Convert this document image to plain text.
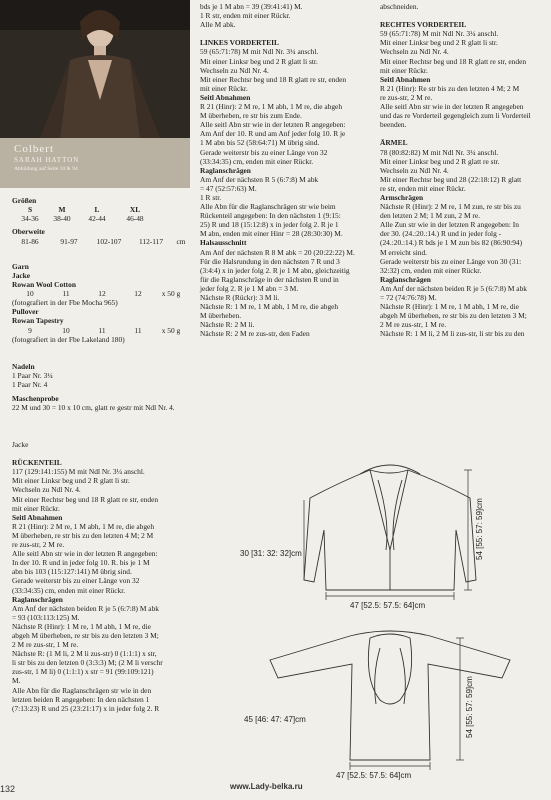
Colbert
SARAH HATTON
Abbildung auf Seite 10 & 94
Größen
S	M	L	XL
34-36	38-40	42-44	46-48
Oberweite
81-86	91-97	102-107	112-117	cm

Garn

Jacke

Rowan Wool Cotton

10	11	12	12	x 50 g

(fotografiert in der Fbe Mocha 965)

Pullover

Rowan Tapestry

9	10	11	11	x 50 g

(fotografiert in der Fbe Lakeland 180)

Nadeln

1 Paar Nr. 3¼

1 Paar Nr. 4

Maschenprobe

22 M und 30 = 10 x 10 cm, glatt re gestr mit Ndl Nr. 4.

Jacke

RÜCKENTEIL

117 (129:141:155) M mit Ndl Nr. 3¼ anschl.

Mit einer Linksr beg und 2 R glatt li str.

Wechseln zu Ndl Nr. 4.

Mit einer Rechtsr beg und 18 R glatt re str, enden

mit einer Rückr.

Seitl Abnahmen

R 21 (Hinr): 2 M re, 1 M abh, 1 M re, die abgeh

M überheben, re str bis zu den letzten 4 M; 2 M

re zus-str, 2 M re.

Alle seitl Abn str wie in der letzten R angegeben:

In der 10. R und in jeder folg 10. R. bis je 1 M

abn bis 103 (115:127:141) M übrig sind.

Gerade weiterstr bis zu einer Länge von 32

(33:34:35) cm, enden mit einer Rückr.

Raglanschrägen

Am Anf der nächsten beiden R je 5 (6:7:8) M abk

= 93 (103:113:125) M.

Nächste R (Hinr): 1 M re, 1 M abh, 1 M re, die

abgeh M überheben, re str bis zu den letzten 3 M;

2 M re zus-str, 1 M re.

Nächste R: (1 M li, 2 M li zus-str) 0 (1:1:1) x str,

li str bis zu den letzten 0 (3:3:3) M; (2 M li verschr

zus-str, 1 M li) 0 (1:1:1) x str = 91 (99:109:121)

M.

Alle Abn für die Raglanschrägen str wie in den

letzten beiden R angegeben: In den nächsten 1

(7:13:23) R und 25 (23:21:17) x in jeder folg 2. R

bds je 1 M abn = 39 (39:41:41) M.

1 R str, enden mit einer Rückr.

Alle M abk.

LINKES VORDERTEIL

59 (65:71:78) M mit Ndl Nr. 3¼ anschl.

Mit einer Linksr beg und 2 R glatt li str.

Wechseln zu Ndl Nr. 4.

Mit einer Rechtsr beg und 18 R glatt re str, enden

mit einer Rückr.

Seitl Abnahmen

R 21 (Hinr): 2 M re, 1 M abh, 1 M re, die abgeh

M überheben, re str bis zum Ende.

Alle seitl Abn str wie in der letzten R angegeben:

Am Anf der 10. R und am Anf jeder folg 10. R je

1 M abn bis 52 (58:64:71) M übrig sind.

Gerade weiterstr bis zu einer Länge von 32

(33:34:35) cm, enden mit einer Rückr.

Raglanschrägen

Am Anf der nächsten R 5 (6:7:8) M abk

= 47 (52:57:63) M.

1 R str.

Alle Abn für die Raglanschrägen str wie beim

Rückenteil angegeben: In den nächsten 1 (9:15:

25) R und 18 (15:12:8) x in jeder folg 2. R je 1

M abn, enden mit einer Hinr = 28 (28:30:30) M.

Halsausschnitt

Am Anf der nächsten R 8 M abk = 20 (20:22:22) M.

Für die Halsrundung in den nächsten 7 R und 3

(3:4:4) x in jeder folg 2. R je 1 M abn, gleichzeitig

für die Raglanschräge in der nächsten R und in

jeder folg 2. R je 1 M abn = 3 M.

Nächste R (Rückr): 3 M li.

Nächste R: 1 M re, 1 M abh, 1 M re, die abgeh

M überheben.

Nächste R: 2 M li.

Nächste R: 2 M re zus-str, den Faden

abschneiden.

RECHTES VORDERTEIL

59 (65:71:78) M mit Ndl Nr. 3¼ anschl.

Mit einer Linksr beg und 2 R glatt li str.

Wechseln zu Ndl Nr. 4.

Mit einer Rechtsr beg und 18 R glatt re str, enden

mit einer Rückr.

Seitl Abnahmen

R 21 (Hinr): Re str bis zu den letzten 4 M; 2 M

re zus-str, 2 M re.

Alle seitl Abn str wie in der letzten R angegeben

und das re Vorderteil gegengleich zum li Vorderteil

beenden.

ÄRMEL

78 (80:82:82) M mit Ndl Nr. 3¼ anschl.

Mit einer Linksr beg und 2 R glatt re str.

Wechseln zu Ndl Nr. 4.

Mit einer Rechtsr beg und 28 (22:18:12) R glatt

re str, enden mit einer Rückr.

Armschrägen

Nächste R (Hinr): 2 M re, 1 M zun, re str bis zu

den letzten 2 M; 1 M zun, 2 M re.

Alle Zun str wie in der letzten R angegeben: In

der 30. (24.:20.:14.) R und in jeder folg -

(24.:20.:14.) R bds je 1 M zun bis 82 (86:90:94)

M erreicht sind.

Gerade weiterstr bis zu einer Länge von 30 (31:

32:32) cm, enden mit einer Rückr.

Raglanschrägen

Am Anf der nächsten beiden R je 5 (6:7:8) M abk

= 72 (74:76:78) M.

Nächste R (Hinr): 1 M re, 1 M abh, 1 M re, die

abgeh M überheben, re str bis zu den letzten 3 M;

2 M re zus-str, 1 M re.

Nächste R: 1 M li, 2 M li zus-str, li str bis zu den

54 [55: 57: 59]cm
47 [52.5: 57.5: 64]cm
30 [31: 32: 32]cm
54 [55: 57: 59]cm
47 [52.5: 57.5: 64]cm
45 [46: 47: 47]cm
www.Lady-belka.ru
132
